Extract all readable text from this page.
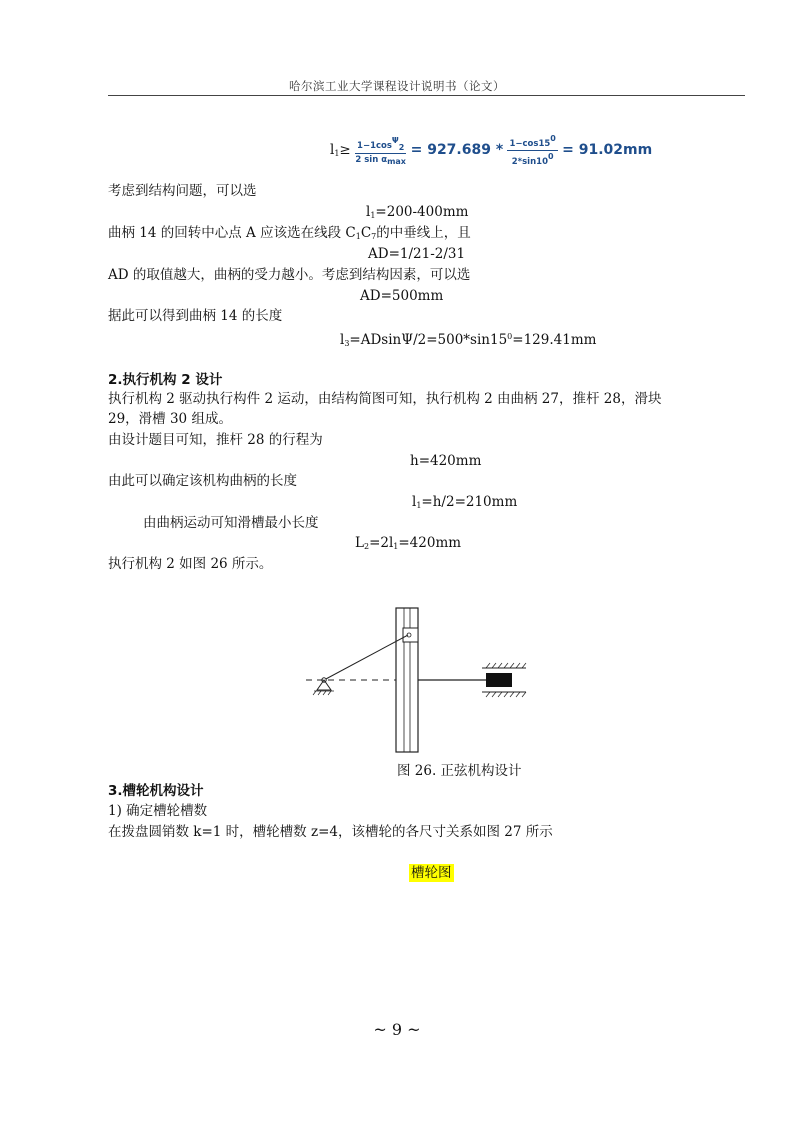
哈尔滨工业大学课程设计说明书（论文）
$l_1\ge \frac{1-1\cos^\Psi_2}{2 \sin \alpha_{max}} = 927.689 * \frac{1-\cos 15^0}{2*\sin 10^0} = 91.02mm$
考虑到结构问题，可以选
$l_1=200-400mm$
曲柄 14 的回转中心点 A 应该选在线段 $C_1C_7$的中垂线上，且
AD=1/21-2/31
AD 的取值越大，曲柄的受力越小。考虑到结构因素，可以选
AD=500mm
据此可以得到曲柄 14 的长度
$l_3=ADsin\Psi/2=500*\sin 15^0=129.41mm$
2.执行机构 2 设计
执行机构 2 驱动执行构件 2 运动，由结构简图可知，执行机构 2 由曲柄 27，推杆 28，滑块
29，滑槽 30 组成。
由设计题目可知，推杆 28 的行程为
h=420mm
由此可以确定该机构曲柄的长度
$l_1=h/2=210mm$
由曲柄运动可知滑槽最小长度
$L_2=2l_1=420mm$
执行机构 2 如图 26 所示。
图 26. 正弦机构设计
3.槽轮机构设计
1) 确定槽轮槽数
在拨盘圆销数 k=1 时，槽轮槽数 z=4，该槽轮的各尺寸关系如图 27 所示
槽轮图
~ 9 ~
